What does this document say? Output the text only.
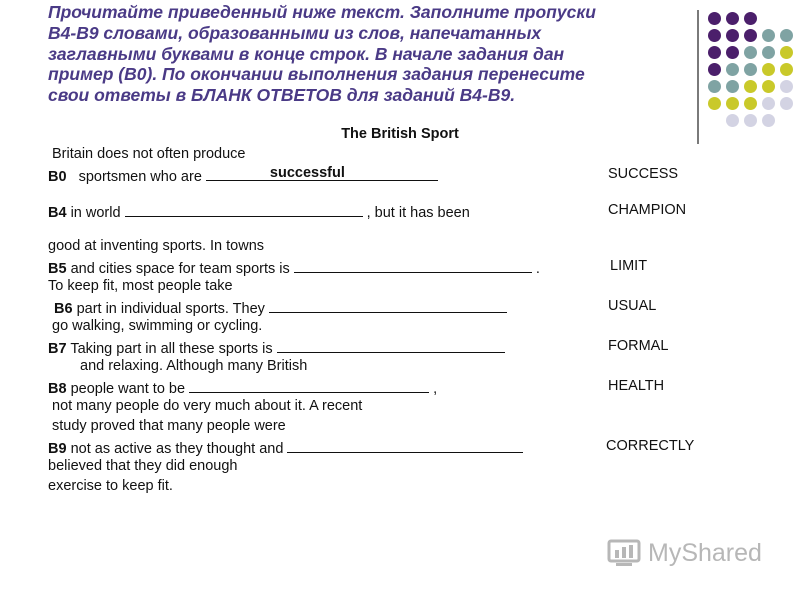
Прочитайте приведенный ниже текст. Заполните пропуски
В4-В9 словами, образованными из слов, напечатанных
заглавными буквами в конце строк. В начале задания дан
пример (В0). По окончании выполнения задания перенесите
свои ответы в БЛАНК ОТВЕТОВ для заданий В4-В9.
The British Sport
Britain does not often produce
B0 sportsmen who are	successful	SUCCESS
B4 in world	, but it has been	CHAMPION
good at inventing sports. In towns
B5 and cities space for team sports is	.	LIMIT
To keep fit, most people take
B6 part in individual sports. They	USUAL
go walking, swimming or cycling.
B7 Taking part in all these sports is	FORMAL
and relaxing. Although many British
B8 people want to be	,	HEALTH
not many people do very much about it. A recent
study proved that many people were
B9 not as active as they thought and	CORRECTLY
believed that they did enough
exercise to keep fit.
MyShared
